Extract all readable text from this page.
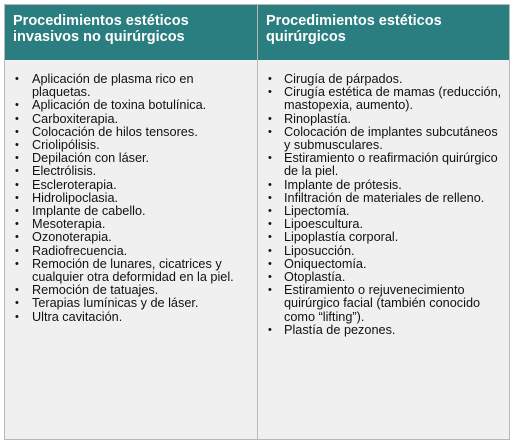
Procedimientos estéticos invasivos no quirúrgicos
Procedimientos estéticos quirúrgicos
• Aplicación de plasma rico en plaquetas.
• Aplicación de toxina botulínica.
• Carboxiterapia.
• Colocación de hilos tensores.
• Criolipólisis.
• Depilación con láser.
• Electrólisis.
• Escleroterapia.
• Hidrolipoclasia.
• Implante de cabello.
• Mesoterapia.
• Ozonoterapia.
• Radiofrecuencia.
• Remoción de lunares, cicatrices y cualquier otra deformidad en la piel.
• Remoción de tatuajes.
• Terapias lumínicas y de láser.
• Ultra cavitación.
• Cirugía de párpados.
• Cirugía estética de mamas (reducción, mastopexia, aumento).
• Rinoplastía.
• Colocación de implantes subcutáneos y submusculares.
• Estiramiento o reafirmación quirúrgico de la piel.
• Implante de prótesis.
• Infiltración de materiales de relleno.
• Lipectomía.
• Lipoescultura.
• Lipoplastía corporal.
• Liposucción.
• Oniquectomía.
• Otoplastía.
• Estiramiento o rejuvenecimiento quirúrgico facial (también conocido como “lifting”).
• Plastía de pezones.
